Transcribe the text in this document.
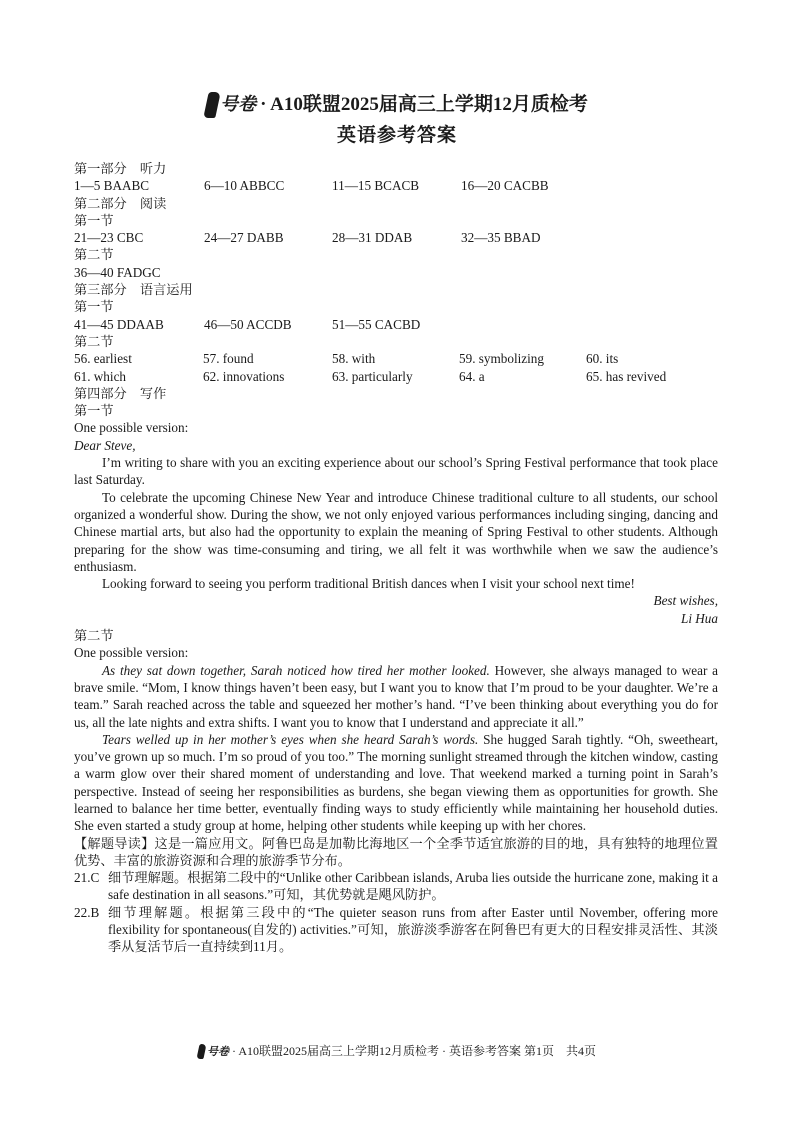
号卷 · A10联盟2025届高三上学期12月质检考
英语参考答案
第一部分　听力
1—5 BAABC	6—10 ABBCC	11—15 BCACB	16—20 CACBB
第二部分　阅读
第一节
21—23 CBC	24—27 DABB	28—31 DDAB	32—35 BBAD
第二节
36—40 FADGC
第三部分　语言运用
第一节
41—45 DDAAB	46—50 ACCDB	51—55 CACBD
第二节
56. earliest	57. found	58. with	59. symbolizing	60. its
61. which	62. innovations	63. particularly	64. a	65. has revived
第四部分　写作
第一节
One possible version:
Dear Steve,

I’m writing to share with you an exciting experience about our school’s Spring Festival performance that took place last Saturday.

To celebrate the upcoming Chinese New Year and introduce Chinese traditional culture to all students, our school organized a wonderful show. During the show, we not only enjoyed various performances including singing, dancing and Chinese martial arts, but also had the opportunity to explain the meaning of Spring Festival to other students. Although preparing for the show was time-consuming and tiring, we all felt it was worthwhile when we saw the audience’s enthusiasm.

Looking forward to seeing you perform traditional British dances when I visit your school next time!

Best wishes,
Li Hua
第二节
One possible version:

As they sat down together, Sarah noticed how tired her mother looked. However, she always managed to wear a brave smile. “Mom, I know things haven’t been easy, but I want you to know that I’m proud to be your daughter. We’re a team.” Sarah reached across the table and squeezed her mother’s hand. “I’ve been thinking about everything you do for us, all the late nights and extra shifts. I want you to know that I understand and appreciate it all.”

Tears welled up in her mother’s eyes when she heard Sarah’s words. She hugged Sarah tightly. “Oh, sweetheart, you’ve grown up so much. I’m so proud of you too.” The morning sunlight streamed through the kitchen window, casting a warm glow over their shared moment of understanding and love. That weekend marked a turning point in Sarah’s perspective. Instead of seeing her responsibilities as burdens, she began viewing them as opportunities for growth. She learned to balance her time better, eventually finding ways to study efficiently while maintaining her household duties. She even started a study group at home, helping other students while keeping up with her chores.

【解题导读】这是一篇应用文。阿鲁巴岛是加勒比海地区一个全季节适宜旅游的目的地，具有独特的地理位置优势、丰富的旅游资源和合理的旅游季节分布。

21.C 细节理解题。根据第二段中的“Unlike other Caribbean islands, Aruba lies outside the hurricane zone, making it a safe destination in all seasons.”可知，其优势就是飓风防护。
22.B 细节理解题。根据第三段中的“The quieter season runs from after Easter until November, offering more flexibility for spontaneous(自发的) activities.”可知，旅游淡季游客在阿鲁巴有更大的日程安排灵活性、其淡季从复活节后一直持续到11月。
号卷 · A10联盟2025届高三上学期12月质检考 · 英语参考答案 第1页　共4页
